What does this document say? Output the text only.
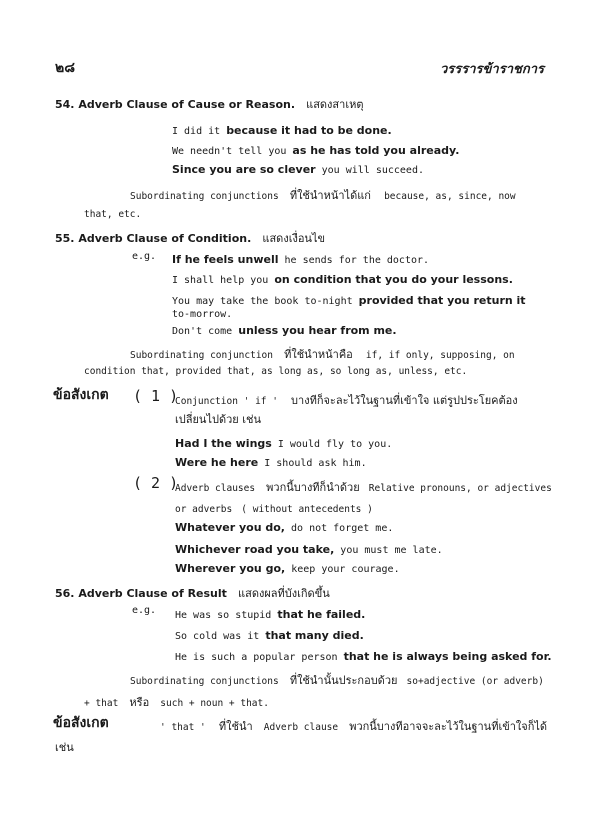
๒๘	วรรรารข้าราชการ
54. Adverb Clause of Cause or Reason. แสดงสาเหตุ
I did it because it had to be done.
We needn't tell you as he has told you already.
Since you are so clever you will succeed.
Subordinating conjunctions ที่ใช้นำหน้าได้แก่ because, as, since, now
that, etc.
55. Adverb Clause of Condition. แสดงเงื่อนไข
e.g. If he feels unwell he sends for the doctor.
I shall help you on condition that you do your lessons.
You may take the book to-night provided that you return it
to-morrow.
Don't come unless you hear from me.
Subordinating conjunction ที่ใช้นำหน้าคือ if, if only, supposing, on
condition that, provided that, as long as, so long as, unless, etc.
ข้อสังเกต ( 1 )
Conjunction ' if ' บางทีก็จะละไว้ในฐานที่เข้าใจ แต่รูปประโยคต้อง
เปลี่ยนไปด้วย เช่น
Had I the wings I would fly to you.
Were he here I should ask him.
( 2 )
Adverb clauses พวกนี้บางทีก็นำด้วย Relative pronouns, or adjectives
or adverbs ( without antecedents )
Whatever you do, do not forget me.
Whichever road you take, you must me late.
Wherever you go, keep your courage.
56. Adverb Clause of Result แสดงผลที่บังเกิดขึ้น
e.g. He was so stupid that he failed.
So cold was it that many died.
He is such a popular person that he is always being asked for.
Subordinating conjunctions ที่ใช้นำนั้นประกอบด้วย so+adjective (or adverb)
+ that หรือ such + noun + that.
ข้อสังเกต	' that ' ที่ใช้นำ Adverb clause พวกนี้บางทีอาจจะละไว้ในฐานที่เข้าใจก็ได้
เช่น
